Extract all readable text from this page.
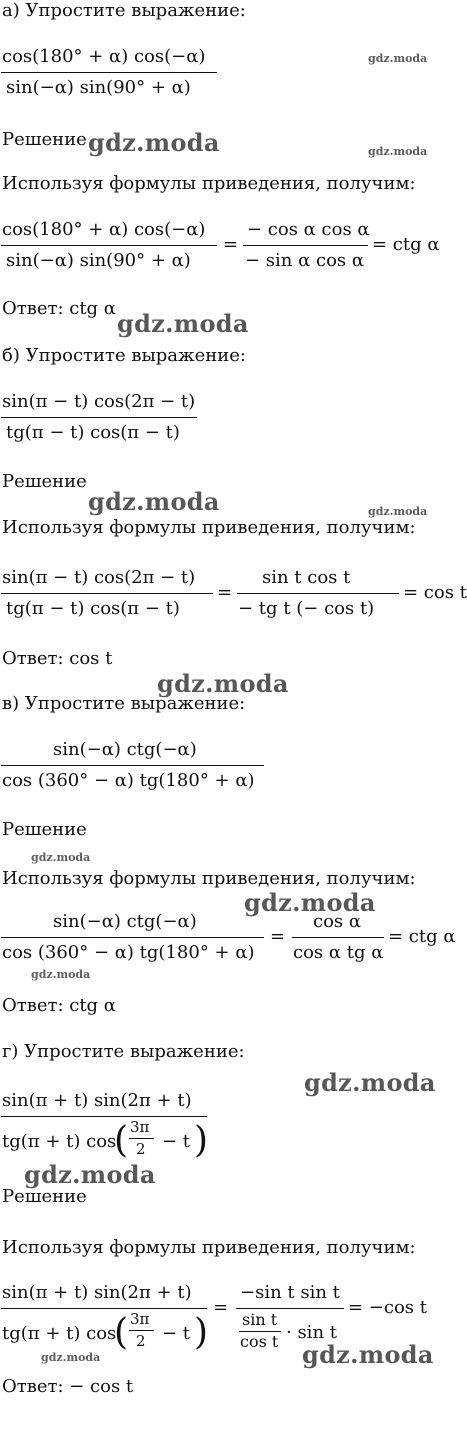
а) Упростите выражение:
cos(180° + α) cos(−α)
sin(−α) sin(90° + α)
Решение
Используя формулы приведения, получим:
cos(180° + α) cos(−α)
sin(−α) sin(90° + α)
=
− cos α cos α
− sin α cos α
= ctg α
Ответ: ctg α
б) Упростите выражение:
sin(π − t) cos(2π − t)
tg(π − t) cos(π − t)
Решение
Используя формулы приведения, получим:
sin(π − t) cos(2π − t)
tg(π − t) cos(π − t)
=
sin t cos t
− tg t (− cos t)
= cos t
Ответ: cos t
в) Упростите выражение:
sin(−α) ctg(−α)
cos (360° − α) tg(180° + α)
Решение
Используя формулы приведения, получим:
sin(−α) ctg(−α)
cos (360° − α) tg(180° + α)
=
cos α
cos α tg α
= ctg α
Ответ: ctg α
г) Упростите выражение:
sin(π + t) sin(2π + t)
tg(π + t) cos
( 3π
2 − t )
Решение
Используя формулы приведения, получим:
sin(π + t) sin(2π + t)
tg(π + t) cos
( 3π
2 − t )
=
−sin t sin t
sin t
cos t · sin t
= −cos t
Ответ: − cos t
gdz.moda
gdz.moda	gdz.moda
gdz.moda
gdz.moda	gdz.moda
gdz.moda
gdz.moda
gdz.moda
gdz.moda
gdz.moda
gdz.moda
gdz.moda	gdz.moda
